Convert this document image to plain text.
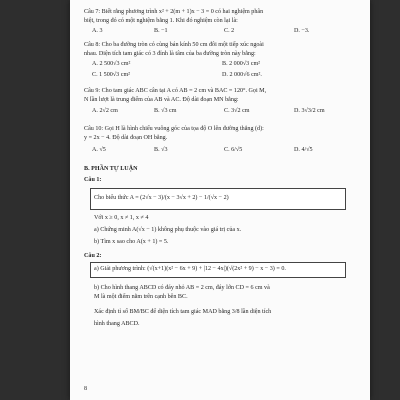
Câu 7: Biết rằng phương trình x² + 2(m + 1)x − 3 = 0 có hai nghiệm phân
biệt, trong đó có một nghiệm bằng 1. Khi đó nghiệm còn lại là:
A. 3	B. −1	C. 2	D. −3.
Câu 8: Cho ba đường tròn có cùng bán kính 50 cm đôi một tiếp xúc ngoài
nhau. Diện tích tam giác có 3 đỉnh là tâm của ba đường tròn này bằng:
A. 2 500√3 cm²	B. 2 000√3 cm²
C. 1 500√3 cm²	D. 2 000√6 cm².
Câu 9: Cho tam giác ABC cân tại A có AB = 2 cm và BAC = 120°. Gọi M,
N lần lượt là trung điểm của AB và AC. Độ dài đoạn MN bằng:
A. 2√2 cm	B. √3 cm	C. 3√2 cm	D. 3√3/2 cm
Câu 10: Gọi H là hình chiếu vuông góc của tọa độ O lên đường thẳng (d):
y = 2x − 4. Độ dài đoạn OH bằng.
A. √5	B. √3	C. 6/√5	D. 4/√5
B. PHẦN TỰ LUẬN
Câu 1:
Cho biểu thức A = (2√x − 3)/(x − 3√x + 2) − 1/(√x − 2)
Với x ≥ 0, x ≠ 1, x ≠ 4
a) Chứng minh A(√x − 1) không phụ thuộc vào giá trị của x.
b) Tìm x sao cho A(x + 1) = 5.
Câu 2:
a) Giải phương trình: (√(x+1)(x² − 6x + 9) + |12 − 4x|)(√(2x² + 9) − x − 3) = 0.
b) Cho hình thang ABCD có đáy nhỏ AB = 2 cm, đáy lớn CD = 6 cm và
M là một điểm nằm trên cạnh bên BC.
Xác định tỉ số BM/BC để diện tích tam giác MAD bằng 3/8 lần diện tích
hình thang ABCD.
8
